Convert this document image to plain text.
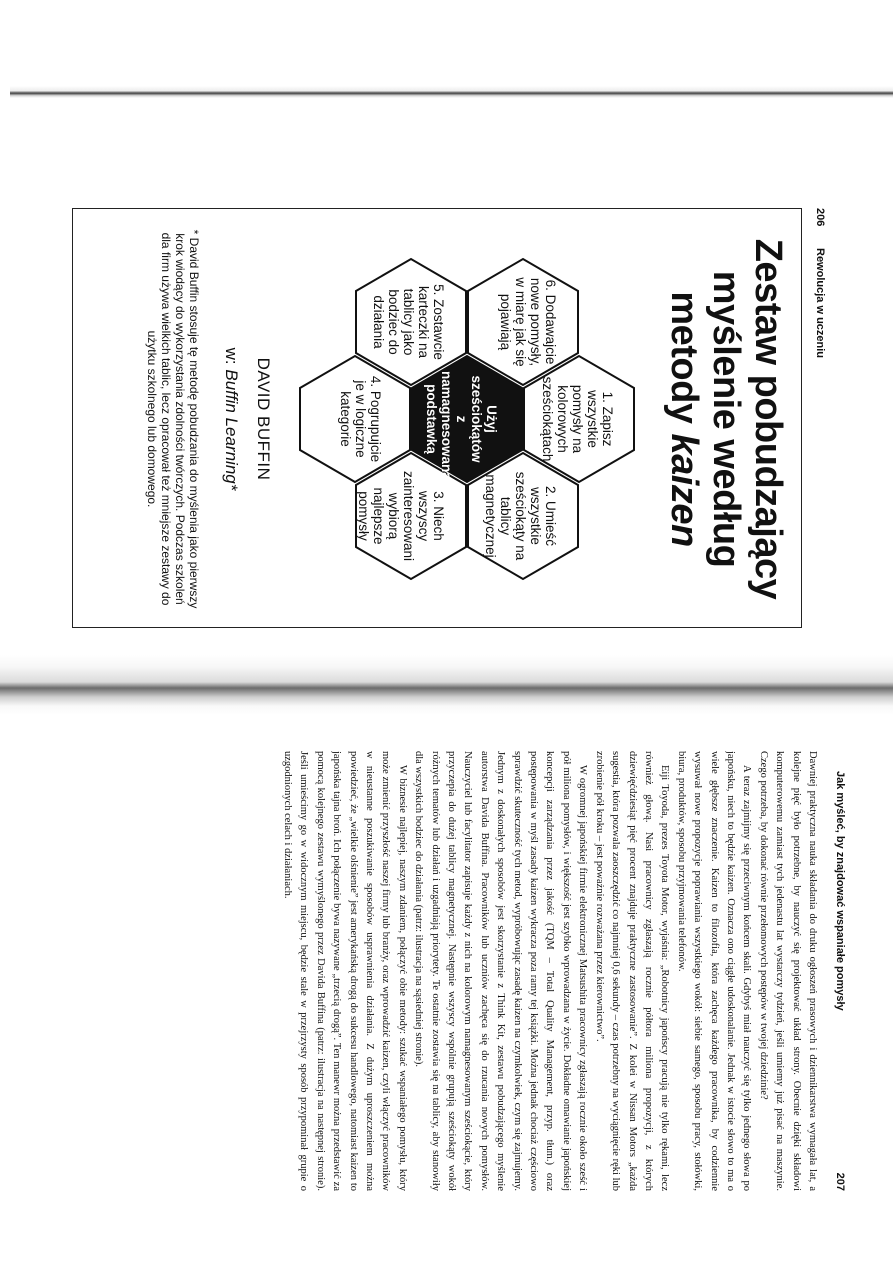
206
Rewolucja w uczeniu
Zestaw pobudzający
myślenie według
metody kaizen
Użyj sześciokątów z namagnesowaną podstawką	1. Zapisz wszystkie pomysły na kolorowych sześciokątach
2. Umieść wszystkie sześciokąty na tablicy magnetycznej
3. Niech wszyscy zainteresowani wybiorą najlepsze pomysły
4. Pogrupujcie je w logiczne kategorie
5. Zostawcie karteczki na tablicy jako bodziec do działania	6. Dodawajcie nowe pomysły, w miarę jak się pojawiają
DAVID BUFFIN
w: Buffin Learning*
* David Buffin stosuje tę metodę pobudzania do myślenia jako pierwszy krok wiodący do wykorzystania zdolności twórczych. Podczas szkoleń dla firm używa wielkich tablic, lecz opracował też mniejsze zestawy do użytku szkolnego lub domowego.
Jak myśleć, by znajdować wspaniałe pomysły
207

Dawniej praktyczna nauka składania do druku ogłoszeń prasowych i dziennikarstwa wymagała lat, a kolejne pięć było potrzebne, by nauczyć się projektować układ strony. Obecnie dzięki składowi komputerowemu zamiast tych jedenastu lat wystarczy tydzień, jeśli umiemy już pisać na maszynie. Czego potrzeba, by dokonać równie przełomowych postępów w twojej dziedzinie?

A teraz zajmijmy się przeciwnym końcem skali. Gdybyś miał nauczyć się tylko jednego słowa po japońsku, niech to będzie kaizen. Oznacza ono ciągłe udoskonalanie. Jednak w istocie słowo to ma o wiele głębsze znaczenie. Kaizen to filozofia, która zachęca każdego pracownika, by codziennie wysuwał nowe propozycje poprawiania wszystkiego wokół: siebie samego, sposobu pracy, stołówki, biura, produktów, sposobu przyjmowania telefonów.

Eiji Toyoda, prezes Toyota Motor, wyjaśnia: „Robotnicy japońscy pracują nie tylko rękami, lecz również głową. Nasi pracownicy zgłaszają rocznie półtora miliona propozycji, z których dziewięćdziesiąt pięć procent znajduje praktyczne zastosowanie”. Z kolei w Nissan Motors „każda sugestia, która pozwala zaoszczędzić co najmniej 0,6 sekundy – czas potrzebny na wyciągnięcie ręki lub zrobienie pół kroku – jest poważnie rozważana przez kierownictwo”.

W ogromnej japońskiej firmie elektronicznej Matsushita pracownicy zgłaszają rocznie około sześć i pół miliona pomysłów, i większość jest szybko wprowadzana w życie. Dokładne omawianie japońskiej koncepcji zarządzania przez jakość (TQM – Total Quality Management, przyp. tłum.) oraz postępowania w myśl zasady kaizen wykracza poza ramy tej książki. Można jednak chociaż częściowo sprawdzić skuteczność tych metod, wypróbowując zasadę kaizen na czymkolwiek, czym się zajmujemy. Jednym z doskonałych sposobów jest skorzystanie z Think Kit, zestawu pobudzającego myślenie autorstwa Davida Buffina. Pracowników lub uczniów zachęca się do rzucania nowych pomysłów. Nauczyciel lub facylitator zapisuje każdy z nich na kolorowym namagnesowanym sześciokącie, który przyczepia do dużej tablicy magnetycznej. Następnie wszyscy wspólnie grupują sześciokąty wokół różnych tematów lub działań i uzgadniają priorytety. Te ostatnie zostawia się na tablicy, aby stanowiły dla wszystkich bodziec do działania (patrz: ilustracja na sąsiedniej stronie).

W biznesie najlepiej, naszym zdaniem, połączyć obie metody: szukać wspaniałego pomysłu, który może zmienić przyszłość naszej firmy lub branży, oraz wprowadzić kaizen, czyli włączyć pracowników w nieustanne poszukiwanie sposobów usprawnienia działania. Z dużym uproszczeniem można powiedzieć, że „wielkie olśnienie” jest amerykańską drogą do sukcesu handlowego, natomiast kaizen to japońska tajna broń. Ich połączenie bywa nazywane „trzecią drogą”. Ten manewr można przedstawić za pomocą kolejnego zestawu wymyślonego przez Davida Buffina (patrz: ilustracja na następnej stronie). Jeśli umieścimy go w widocznym miejscu, będzie stale w przejrzysty sposób przypominał grupie o uzgodnionych celach i działaniach.
